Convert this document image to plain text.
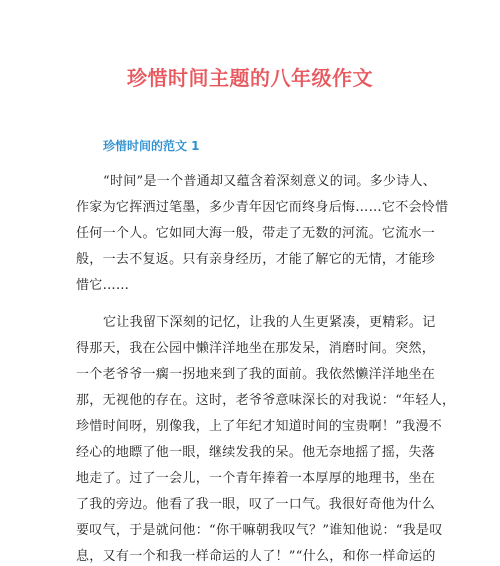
珍惜时间主题的八年级作文
珍惜时间的范文 1
“时间”是一个普通却又蕴含着深刻意义的词。多少诗人、
作家为它挥洒过笔墨，多少青年因它而终身后悔……它不会怜惜
任何一个人。它如同大海一般，带走了无数的河流。它流水一
般，一去不复返。只有亲身经历，才能了解它的无情，才能珍
惜它……
它让我留下深刻的记忆，让我的人生更紧凑，更精彩。记
得那天，我在公园中懒洋洋地坐在那发呆，消磨时间。突然，
一个老爷爷一瘸一拐地来到了我的面前。我依然懒洋洋地坐在
那，无视他的存在。这时，老爷爷意味深长的对我说：“年轻人，
珍惜时间呀，别像我，上了年纪才知道时间的宝贵啊！”我漫不
经心的地瞟了他一眼，继续发我的呆。他无奈地摇了摇，失落
地走了。过了一会儿，一个青年捧着一本厚厚的地理书，坐在
了我的旁边。他看了我一眼，叹了一口气。我很好奇他为什么
要叹气，于是就问他：“你干嘛朝我叹气？”谁知他说：“我是叹
息，又有一个和我一样命运的人了！”“什么，和你一样命运的
